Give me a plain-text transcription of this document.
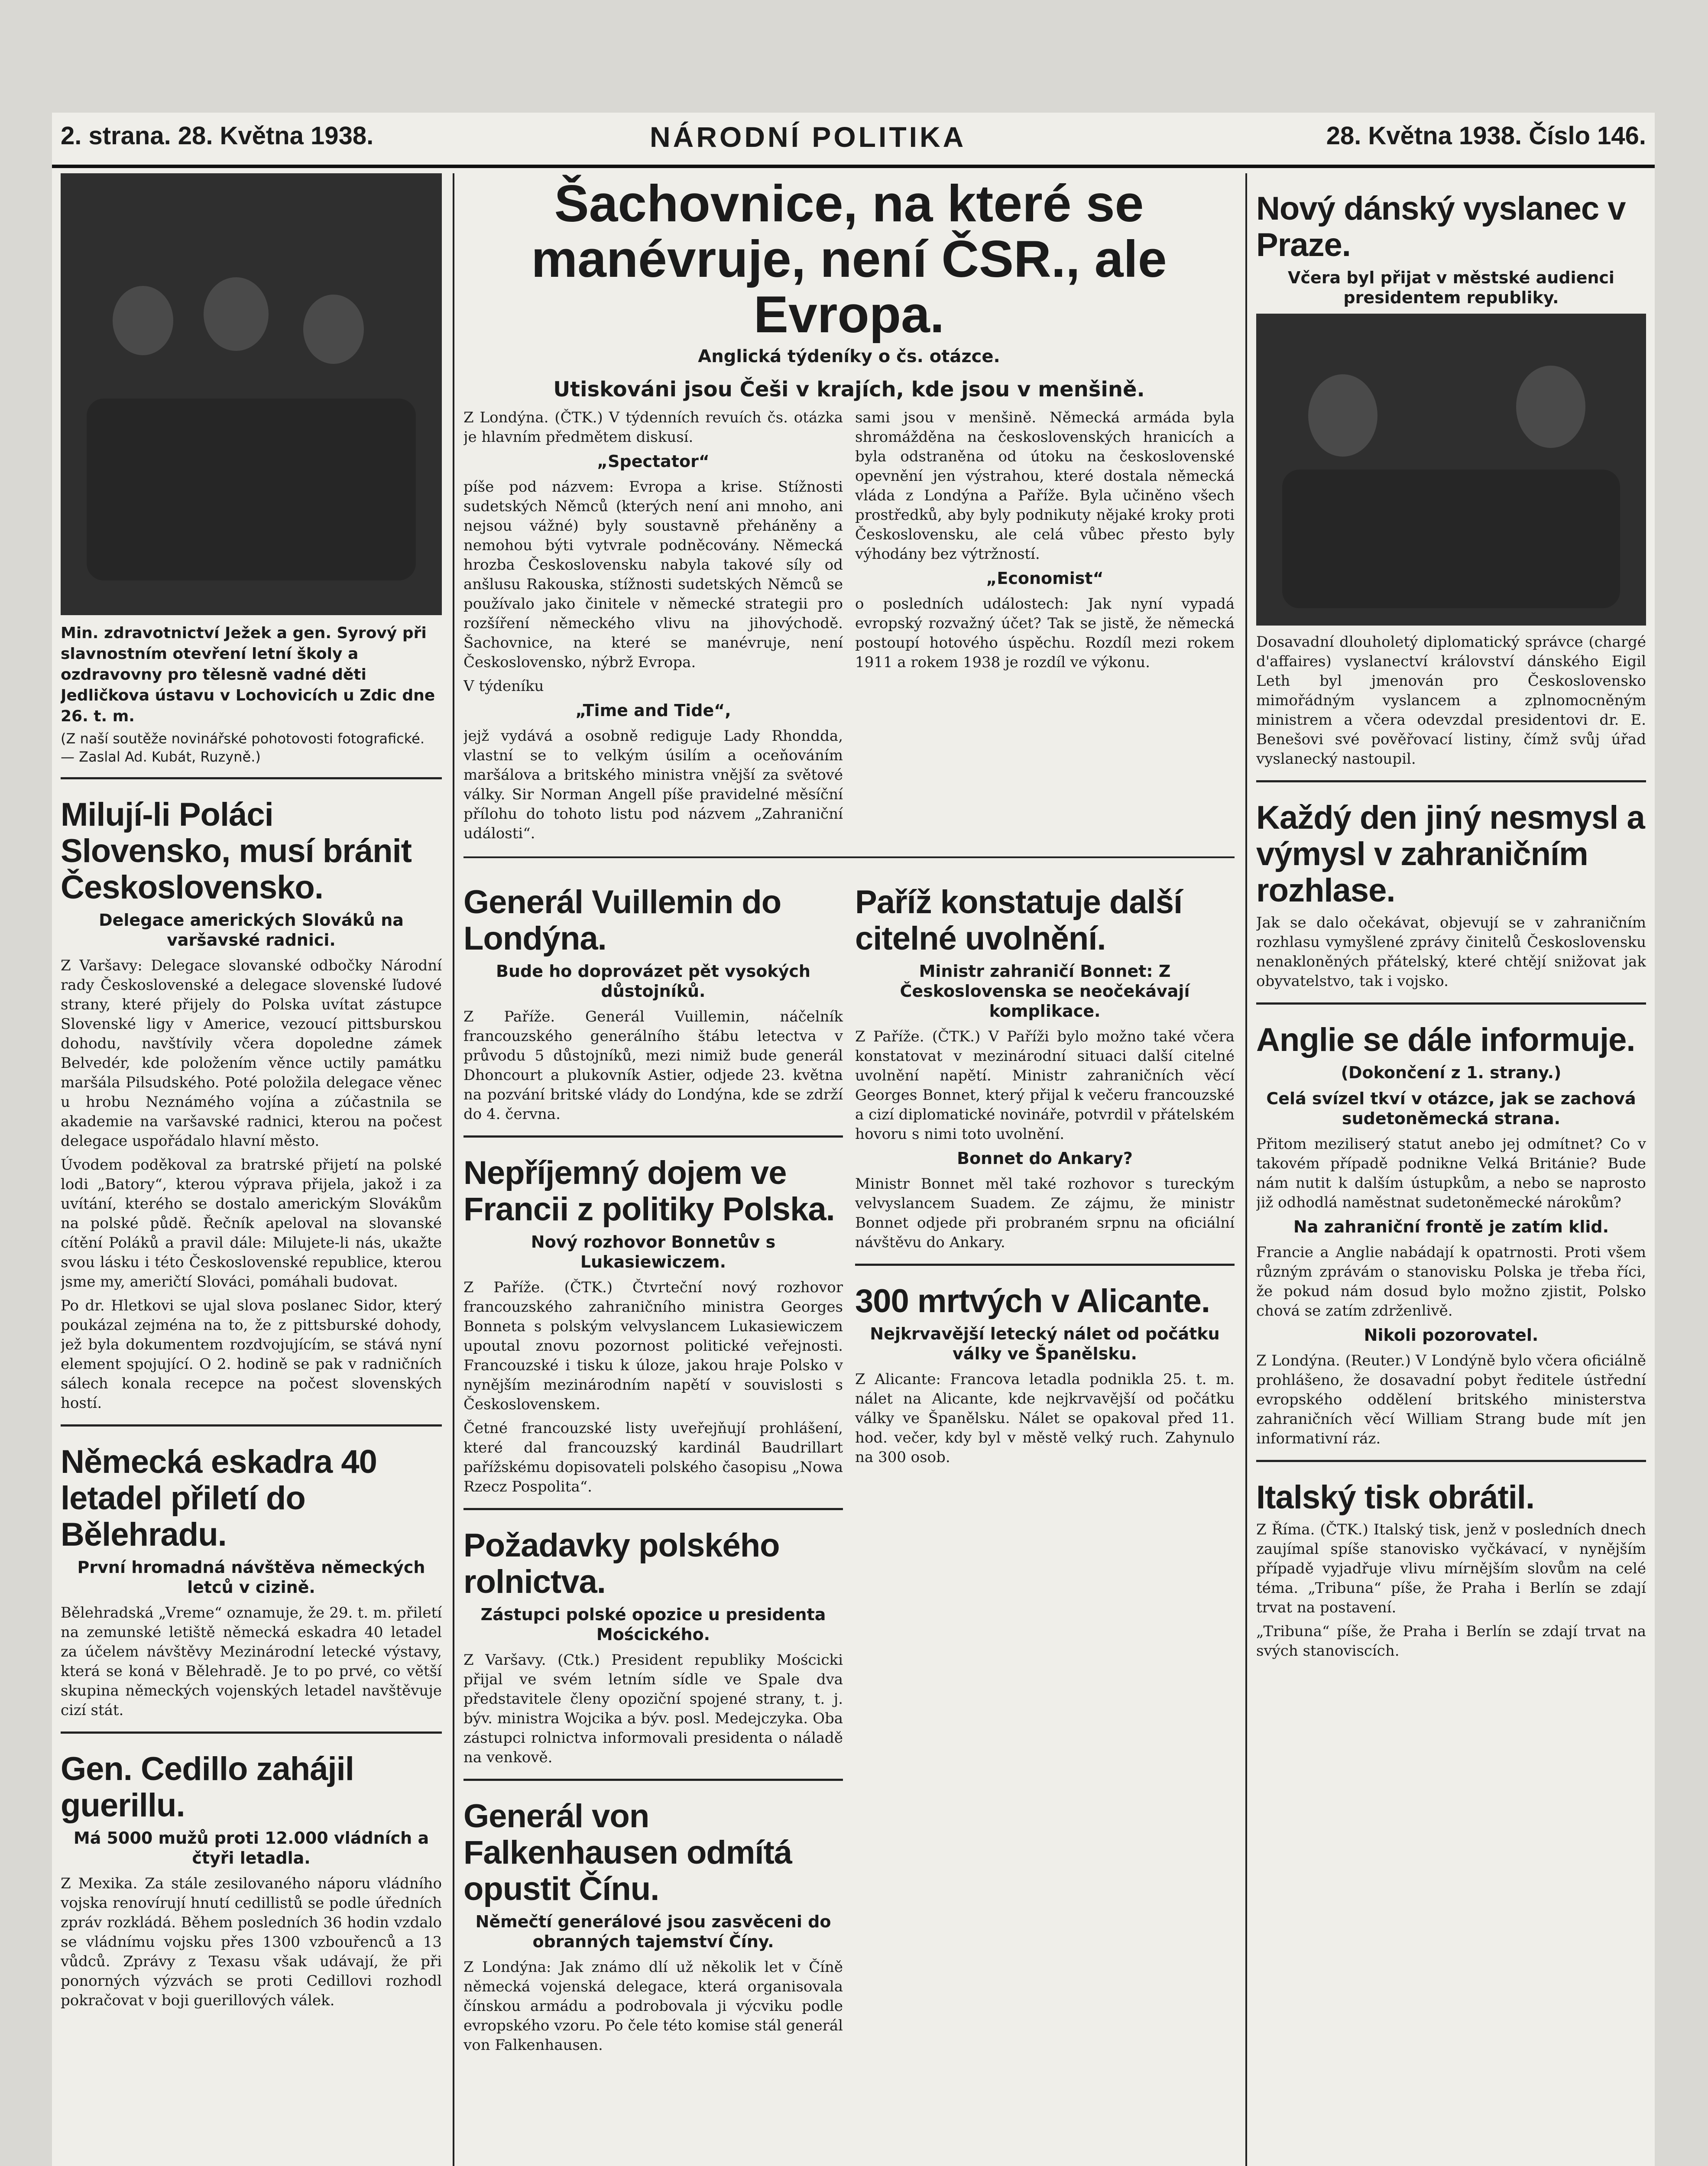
2. strana. 28. Května 1938.	NÁRODNÍ POLITIKA	28. Května 1938. Číslo 146.
Min. zdravotnictví Ježek a gen. Syrový při slavnostním otevření letní školy a ozdravovny pro tělesně vadné děti Jedličkova ústavu v Lochovicích u Zdic dne 26. t. m.
(Z naší soutěže novinářské pohotovosti fotografické. — Zaslal Ad. Kubát, Ruzyně.)
Milují-li Poláci Slovensko, musí bránit Československo.
Delegace amerických Slováků na varšavské radnici.

Z Varšavy: Delegace slovanské odbočky Národní rady Československé a delegace slovenské ľudové strany, které přijely do Polska uvítat zástupce Slovenské ligy v Americe, vezoucí pittsburskou dohodu, navštívily včera dopoledne zámek Belvedér, kde položením věnce uctily památku maršála Pilsudského. Poté položila delegace věnec u hrobu Neznámého vojína a zúčastnila se akademie na varšavské radnici, kterou na počest delegace uspořádalo hlavní město.

Úvodem poděkoval za bratrské přijetí na polské lodi „Batory“, kterou výprava přijela, jakož i za uvítání, kterého se dostalo americkým Slovákům na polské půdě. Řečník apeloval na slovanské cítění Poláků a pravil dále: Milujete-li nás, ukažte svou lásku i této Československé republice, kterou jsme my, američtí Slováci, pomáhali budovat.

Po dr. Hletkovi se ujal slova poslanec Sidor, který poukázal zejména na to, že z pittsburské dohody, jež byla dokumentem rozdvojujícím, se stává nyní element spojující. O 2. hodině se pak v radničních sálech konala recepce na počest slovenských hostí.

Německá eskadra 40 letadel přiletí do Bělehradu.
První hromadná návštěva německých letců v cizině.

Bělehradská „Vreme“ oznamuje, že 29. t. m. přiletí na zemunské letiště německá eskadra 40 letadel za účelem návštěvy Mezinárodní letecké výstavy, která se koná v Bělehradě. Je to po prvé, co větší skupina německých vojenských letadel navštěvuje cizí stát.

Gen. Cedillo zahájil guerillu.
Má 5000 mužů proti 12.000 vládních a čtyři letadla.

Z Mexika. Za stále zesilovaného náporu vládního vojska renovírují hnutí cedillistů se podle úředních zpráv rozkládá. Během posledních 36 hodin vzdalo se vládnímu vojsku přes 1300 vzbouřenců a 13 vůdců. Zprávy z Texasu však udávají, že při ponorných výzvách se proti Cedillovi rozhodl pokračovat v boji guerillových válek.

Šachovnice, na které se manévruje, není ČSR., ale Evropa.
Anglická týdeníky o čs. otázce.
Utiskováni jsou Češi v krajích, kde jsou v menšině.

Z Londýna. (ČTK.) V týdenních revuích čs. otázka je hlavním předmětem diskusí.

„Spectator“

píše pod názvem: Evropa a krise. Stížnosti sudetských Němců (kterých není ani mnoho, ani nejsou vážné) byly soustavně přeháněny a nemohou býti vytvrale podněcovány. Německá hrozba Československu nabyla takové síly od anšlusu Rakouska, stížnosti sudetských Němců se používalo jako činitele v německé strategii pro rozšíření německého vlivu na jihovýchodě. Šachovnice, na které se manévruje, není Československo, nýbrž Evropa.

V týdeníku

„Time and Tide“,

jejž vydává a osobně rediguje Lady Rhondda, vlastní se to velkým úsilím a oceňováním maršálova a britského ministra vnější za světové války. Sir Norman Angell píše pravidelné měsíční přílohu do tohoto listu pod názvem „Zahraniční události“.

sami jsou v menšině. Německá armáda byla shromážděna na československých hranicích a byla odstraněna od útoku na československé opevnění jen výstrahou, které dostala německá vláda z Londýna a Paříže. Byla učiněno všech prostředků, aby byly podnikuty nějaké kroky proti Československu, ale celá vůbec přesto byly výhodány bez výtržností.

„Economist“

o posledních událostech: Jak nyní vypadá evropský rozvažný účet? Tak se jistě, že německá postoupí hotového úspěchu. Rozdíl mezi rokem 1911 a rokem 1938 je rozdíl ve výkonu.

Generál Vuillemin do Londýna.
Bude ho doprovázet pět vysokých důstojníků.

Z Paříže. Generál Vuillemin, náčelník francouzského generálního štábu letectva v průvodu 5 důstojníků, mezi nimiž bude generál Dhoncourt a plukovník Astier, odjede 23. května na pozvání britské vlády do Londýna, kde se zdrží do 4. června.

Nepříjemný dojem ve Francii z politiky Polska.
Nový rozhovor Bonnetův s Lukasiewiczem.

Z Paříže. (ČTK.) Čtvrteční nový rozhovor francouzského zahraničního ministra Georges Bonneta s polským velvyslancem Lukasiewiczem upoutal znovu pozornost politické veřejnosti. Francouzské i tisku k úloze, jakou hraje Polsko v nynějším mezinárodním napětí v souvislosti s Československem.

Četné francouzské listy uveřejňují prohlášení, které dal francouzský kardinál Baudrillart pařížskému dopisovateli polského časopisu „Nowa Rzecz Pospolita“.

Požadavky polského rolnictva.
Zástupci polské opozice u presidenta Moścického.

Z Varšavy. (Ctk.) President republiky Mościcki přijal ve svém letním sídle ve Spale dva představitele členy opoziční spojené strany, t. j. býv. ministra Wojcika a býv. posl. Medejczyka. Oba zástupci rolnictva informovali presidenta o náladě na venkově.

Generál von Falkenhausen odmítá opustit Čínu.
Němečtí generálové jsou zasvěceni do obranných tajemství Číny.

Z Londýna: Jak známo dlí už několik let v Číně německá vojenská delegace, která organisovala čínskou armádu a podrobovala ji výcviku podle evropského vzoru. Po čele této komise stál generál von Falkenhausen.

Paříž konstatuje další citelné uvolnění.
Ministr zahraničí Bonnet: Z Československa se neočekávají komplikace.

Z Paříže. (ČTK.) V Paříži bylo možno také včera konstatovat v mezinárodní situaci další citelné uvolnění napětí. Ministr zahraničních věcí Georges Bonnet, který přijal k večeru francouzské a cizí diplomatické novináře, potvrdil v přátelském hovoru s nimi toto uvolnění.

Bonnet do Ankary?

Ministr Bonnet měl také rozhovor s tureckým velvyslancem Suadem. Ze zájmu, že ministr Bonnet odjede při probraném srpnu na oficiální návštěvu do Ankary.

300 mrtvých v Alicante.
Nejkrvavější letecký nálet od počátku války ve Španělsku.

Z Alicante: Francova letadla podnikla 25. t. m. nálet na Alicante, kde nejkrvavější od počátku války ve Španělsku. Nálet se opakoval před 11. hod. večer, kdy byl v městě velký ruch. Zahynulo na 300 osob.

Nový dánský vyslanec v Praze.
Včera byl přijat v městské audienci presidentem republiky.

Dosavadní dlouholetý diplomatický správce (chargé d'affaires) vyslanectví království dánského Eigil Leth byl jmenován pro Československo mimořádným vyslancem a zplnomocněným ministrem a včera odevzdal presidentovi dr. E. Benešovi své pověřovací listiny, čímž svůj úřad vyslanecký nastoupil.

Každý den jiný nesmysl a výmysl v zahraničním rozhlase.

Jak se dalo očekávat, objevují se v zahraničním rozhlasu vymyšlené zprávy činitelů Československu nenakloněných přátelský, které chtějí snižovat jak obyvatelstvo, tak i vojsko.

Anglie se dále informuje.
(Dokončení z 1. strany.)
Celá svízel tkví v otázce, jak se zachová sudetoněmecká strana.

Přitom meziliserý statut anebo jej odmítnet? Co v takovém případě podnikne Velká Británie? Bude nám nutit k dalším ústupkům, a nebo se naprosto již odhodlá naměstnat sudetoněmecké nárokům?

Na zahraniční frontě je zatím klid.

Francie a Anglie nabádají k opatrnosti. Proti všem různým zprávám o stanovisku Polska je třeba říci, že pokud nám dosud bylo možno zjistit, Polsko chová se zatím zdrženlivě.

Nikoli pozorovatel.

Z Londýna. (Reuter.) V Londýně bylo včera oficiálně prohlášeno, že dosavadní pobyt ředitele ústřední evropského oddělení britského ministerstva zahraničních věcí William Strang bude mít jen informativní ráz.

Italský tisk obrátil.

Z Říma. (ČTK.) Italský tisk, jenž v posledních dnech zaujímal spíše stanovisko vyčkávací, v nynějším případě vyjadřuje vlivu mírnějším slovům na celé téma. „Tribuna“ píše, že Praha i Berlín se zdají trvat na postavení.

„Tribuna“ píše, že Praha i Berlín se zdají trvat na svých stanoviscích.
